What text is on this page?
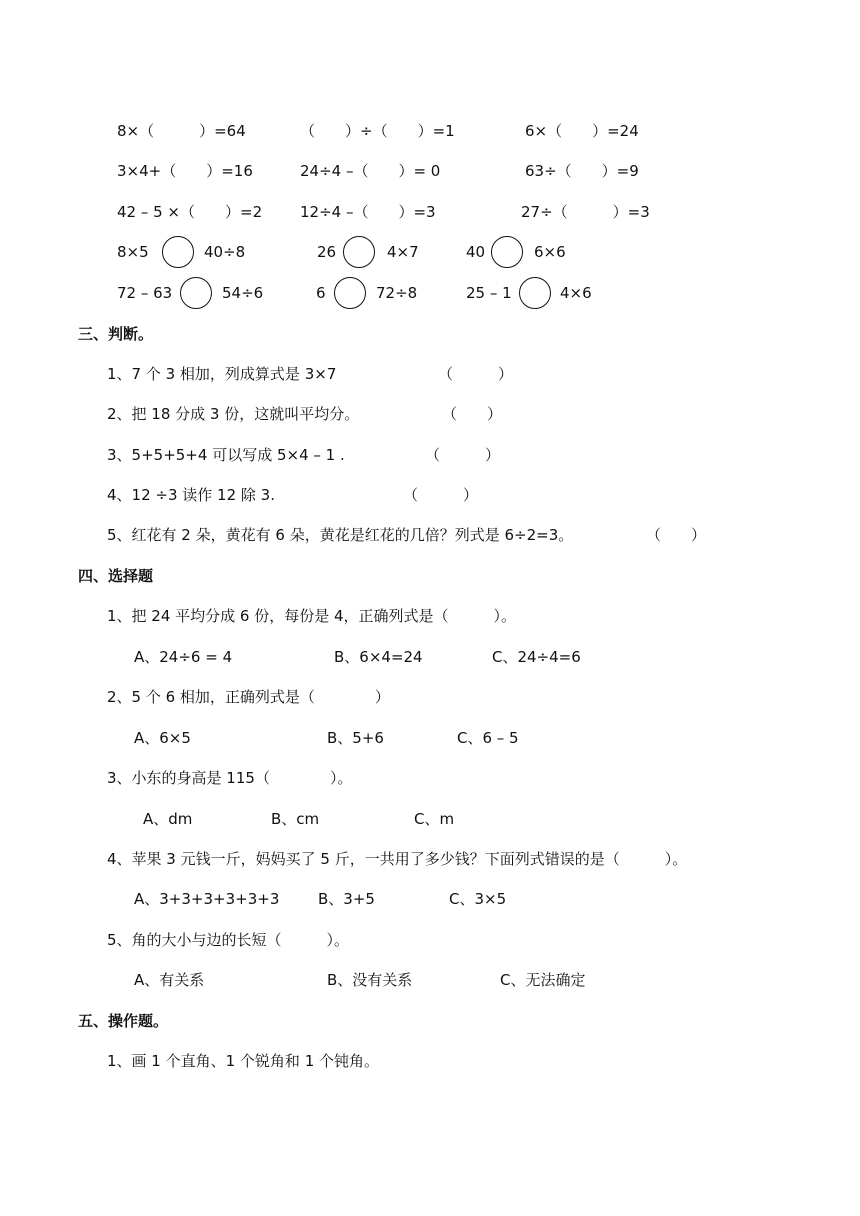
8×（　　　）=64	（　　）÷（　　）=1	6×（　　）=24
3×4+（　　）=16	24÷4 –（　　）= 0	63÷（　　）=9
42 – 5 ×（　　）=2	12÷4 –（　　）=3	27÷（　　　）=3
8×5	40÷8	26	4×7	40	6×6
72 – 63	54÷6	6	72÷8	25 – 1	4×6
三、判断。
1、7 个 3 相加，列成算式是 3×7	（　　　）
2、把 18 分成 3 份，这就叫平均分。	（　　）
3、5+5+5+4 可以写成 5×4 – 1 .	（　　　）
4、12 ÷3 读作 12 除 3.	（　　　）
5、红花有 2 朵，黄花有 6 朵，黄花是红花的几倍？列式是 6÷2=3。	（　　）
四、选择题
1、把 24 平均分成 6 份，每份是 4，正确列式是（　　　）。
A、24÷6 = 4	B、6×4=24	C、24÷4=6
2、5 个 6 相加，正确列式是（　　　　）
A、6×5	B、5+6	C、6 – 5
3、小东的身高是 115（　　　　）。
A、dm	B、cm	C、m
4、苹果 3 元钱一斤，妈妈买了 5 斤，一共用了多少钱？下面列式错误的是（　　　）。
A、3+3+3+3+3+3	B、3+5	C、3×5
5、角的大小与边的长短（　　　）。
A、有关系	B、没有关系	C、无法确定
五、操作题。
1、画 1 个直角、1 个锐角和 1 个钝角。
